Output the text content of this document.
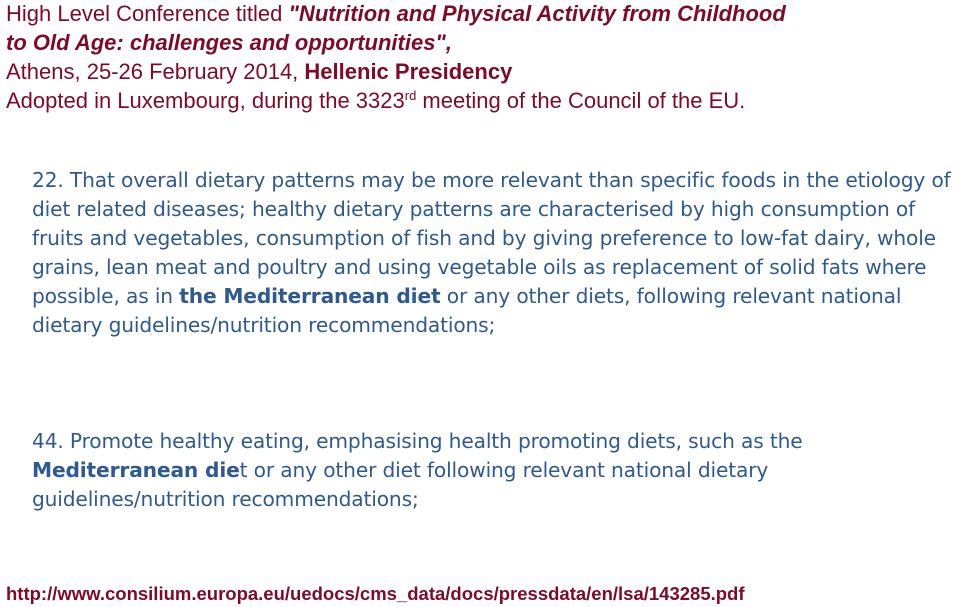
High Level Conference titled "Nutrition and Physical Activity from Childhood
to Old Age: challenges and opportunities",
Athens, 25-26 February 2014, Hellenic Presidency
Adopted in Luxembourg, during the 3323rd meeting of the Council of the EU.
22. That overall dietary patterns may be more relevant than specific foods in the etiology of diet related diseases; healthy dietary patterns are characterised by high consumption of fruits and vegetables, consumption of fish and by giving preference to low-fat dairy, whole grains, lean meat and poultry and using vegetable oils as replacement of solid fats where possible, as in the Mediterranean diet or any other diets, following relevant national dietary guidelines/nutrition recommendations;
44. Promote healthy eating, emphasising health promoting diets, such as the Mediterranean diet or any other diet following relevant national dietary guidelines/nutrition recommendations;
http://www.consilium.europa.eu/uedocs/cms_data/docs/pressdata/en/lsa/143285.pdf
